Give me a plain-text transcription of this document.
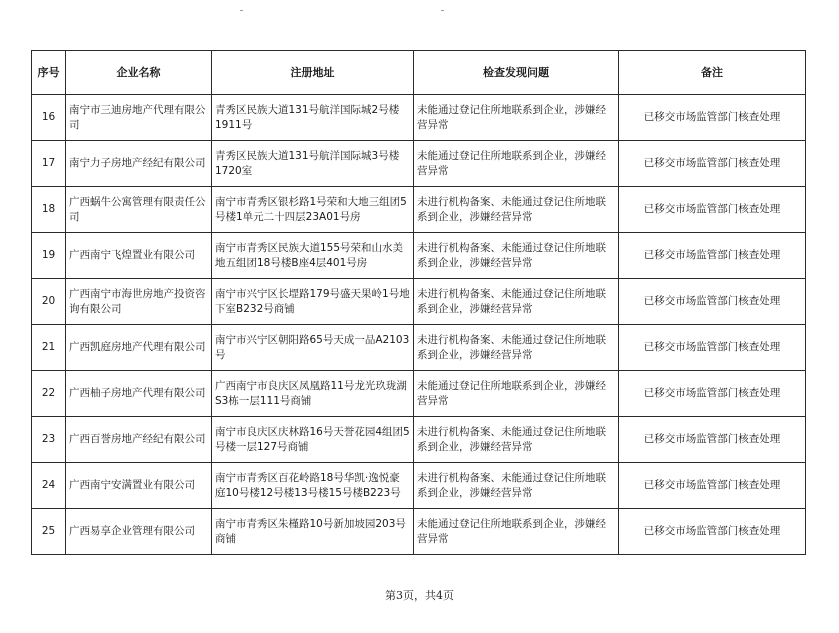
序号	企业名称	注册地址	检查发现问题	备注
16	南宁市三迪房地产代理有限公司	青秀区民族大道131号航洋国际城2号楼1911号	未能通过登记住所地联系到企业，涉嫌经营异常	已移交市场监管部门核查处理
17	南宁力子房地产经纪有限公司	青秀区民族大道131号航洋国际城3号楼1720室	未能通过登记住所地联系到企业，涉嫌经营异常	已移交市场监管部门核查处理
18	广西蜗牛公寓管理有限责任公司	南宁市青秀区银杉路1号荣和大地三组团5号楼1单元二十四层23A01号房	未进行机构备案、未能通过登记住所地联系到企业，涉嫌经营异常	已移交市场监管部门核查处理
19	广西南宁飞煌置业有限公司	南宁市青秀区民族大道155号荣和山水美地五组团18号楼B座4层401号房	未进行机构备案、未能通过登记住所地联系到企业，涉嫌经营异常	已移交市场监管部门核查处理
20	广西南宁市海世房地产投资咨询有限公司	南宁市兴宁区长堽路179号盛天果岭1号地下室B232号商铺	未进行机构备案、未能通过登记住所地联系到企业，涉嫌经营异常	已移交市场监管部门核查处理
21	广西凯庭房地产代理有限公司	南宁市兴宁区朝阳路65号天成一品A2103号	未进行机构备案、未能通过登记住所地联系到企业，涉嫌经营异常	已移交市场监管部门核查处理
22	广西柚子房地产代理有限公司	广西南宁市良庆区凤凰路11号龙光玖珑湖S3栋一层111号商铺	未能通过登记住所地联系到企业，涉嫌经营异常	已移交市场监管部门核查处理
23	广西百誉房地产经纪有限公司	南宁市良庆区庆林路16号天誉花园4组团5号楼一层127号商铺	未进行机构备案、未能通过登记住所地联系到企业，涉嫌经营异常	已移交市场监管部门核查处理
24	广西南宁安满置业有限公司	南宁市青秀区百花岭路18号华凯·逸悦豪庭10号楼12号楼13号楼15号楼B223号	未进行机构备案、未能通过登记住所地联系到企业，涉嫌经营异常	已移交市场监管部门核查处理
25	广西易享企业管理有限公司	南宁市青秀区朱槿路10号新加坡园203号商铺	未能通过登记住所地联系到企业，涉嫌经营异常	已移交市场监管部门核查处理
第3页，共4页
